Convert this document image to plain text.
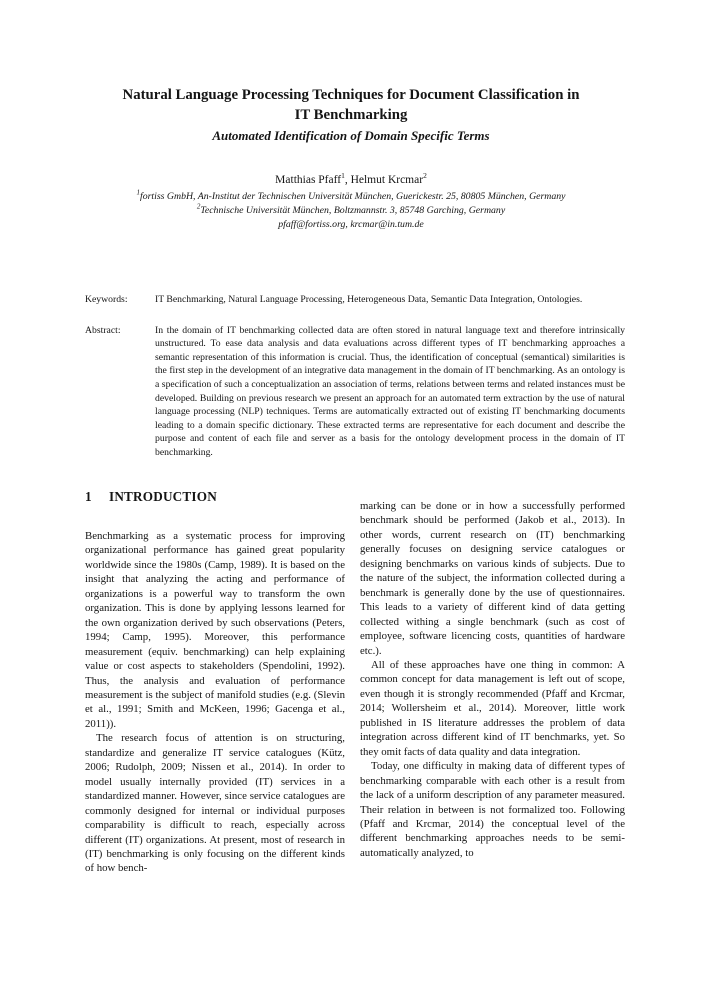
Natural Language Processing Techniques for Document Classification in
IT Benchmarking
Automated Identification of Domain Specific Terms
Matthias Pfaff$^1$, Helmut Krcmar$^2$
$^1$fortiss GmbH, An-Institut der Technischen Universität München, Guerickestr. 25, 80805 München, Germany
$^2$Technische Universität München, Boltzmannstr. 3, 85748 Garching, Germany
pfaff@fortiss.org, krcmar@in.tum.de
Keywords:	IT Benchmarking, Natural Language Processing, Heterogeneous Data, Semantic Data Integration, Ontologies.
Abstract:	In the domain of IT benchmarking collected data are often stored in natural language text and therefore intrinsically unstructured. To ease data analysis and data evaluations across different types of IT benchmarking approaches a semantic representation of this information is crucial. Thus, the identification of conceptual (semantical) similarities is the first step in the development of an integrative data management in the domain of IT benchmarking. As an ontology is a specification of such a conceptualization an association of terms, relations between terms and related instances must be developed. Building on previous research we present an approach for an automated term extraction by the use of natural language processing (NLP) techniques. Terms are automatically extracted out of existing IT benchmarking documents leading to a domain specific dictionary. These extracted terms are representative for each document and describe the purpose and content of each file and server as a basis for the ontology development process in the domain of IT benchmarking.
1 INTRODUCTION

Benchmarking as a systematic process for improving organizational performance has gained great popularity worldwide since the 1980s (Camp, 1989). It is based on the insight that analyzing the acting and performance of organizations is a powerful way to transform the own organization. This is done by applying lessons learned for the own organization derived by such observations (Peters, 1994; Camp, 1995). Moreover, this performance measurement (equiv. benchmarking) can help explaining value or cost aspects to stakeholders (Spendolini, 1992). Thus, the analysis and evaluation of performance measurement is the subject of manifold studies (e.g. (Slevin et al., 1991; Smith and McKeen, 1996; Gacenga et al., 2011)).

The research focus of attention is on structuring, standardize and generalize IT service catalogues (Kütz, 2006; Rudolph, 2009; Nissen et al., 2014). In order to model usually internally provided (IT) services in a standardized manner. However, since service catalogues are commonly designed for internal or individual purposes comparability is difficult to reach, especially across different (IT) organizations. At present, most of research in (IT) benchmarking is only focusing on the different kinds of how bench-

marking can be done or in how a successfully performed benchmark should be performed (Jakob et al., 2013). In other words, current research on (IT) benchmarking generally focuses on designing service catalogues or designing benchmarks on various kinds of subjects. Due to the nature of the subject, the information collected during a benchmark is generally done by the use of questionnaires. This leads to a variety of different kind of data getting collected withing a single benchmark (such as cost of employee, software licencing costs, quantities of hardware etc.).

All of these approaches have one thing in common: A common concept for data management is left out of scope, even though it is strongly recommended (Pfaff and Krcmar, 2014; Wollersheim et al., 2014). Moreover, little work published in IS literature addresses the problem of data integration across different kind of IT benchmarks, yet. So they omit facts of data quality and data integration.

Today, one difficulty in making data of different types of benchmarking comparable with each other is a result from the lack of a uniform description of any parameter measured. Their relation in between is not formalized too. Following (Pfaff and Krcmar, 2014) the conceptual level of the different benchmarking approaches needs to be semi-automatically analyzed, to
